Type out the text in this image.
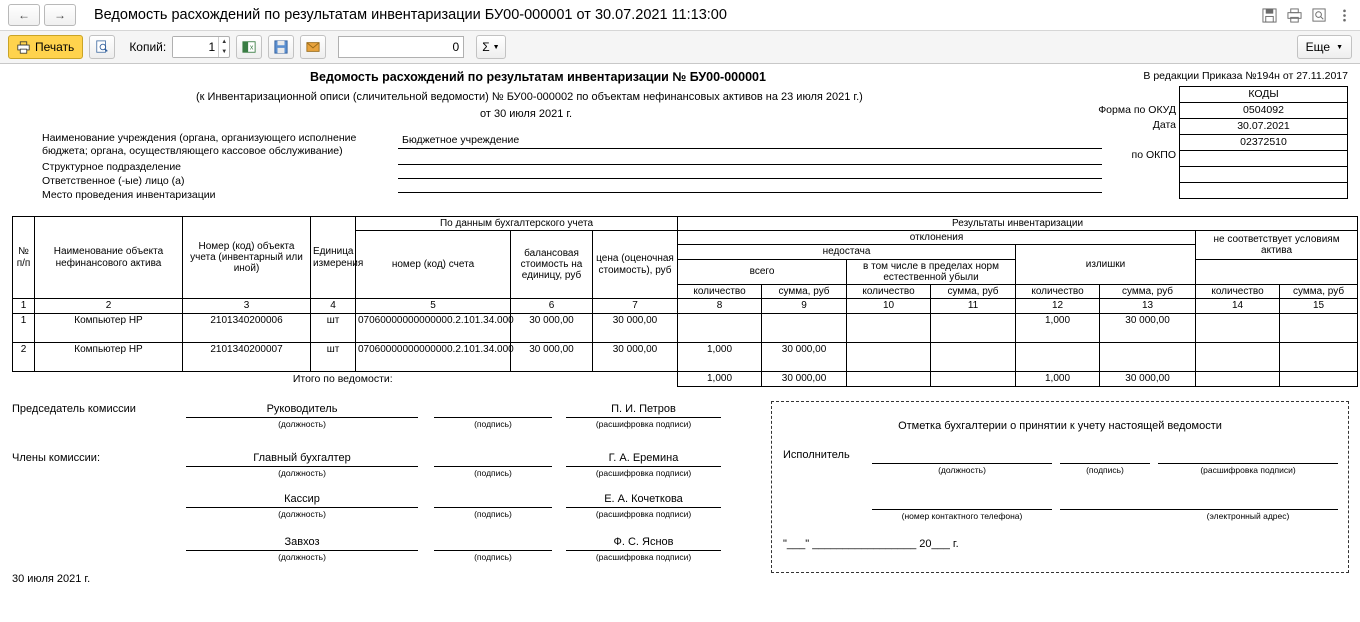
←	→	Ведомость расхождений по результатам инвентаризации БУ00-000001 от 30.07.2021 11:13:00
Печать	Копий:
1	▲
▼
x	0	Σ ▼	Еще ▼
Ведомость расхождений по результатам инвентаризации № БУ00-000001
(к Инвентаризационной описи (сличительной ведомости) № БУ00-000002 по объектам нефинансовых активов на 23 июля 2021 г.)
от 30 июля 2021 г.
В редакции Приказа №194н от 27.11.2017
КОДЫ
0504092
30.07.2021
02372510
Форма по ОКУД
Дата
по ОКПО
Наименование учреждения (органа, организующего исполнение
бюджета; органа, осуществляющего кассовое обслуживание)
Структурное подразделение
Ответственное (-ые) лицо (а)
Место проведения инвентаризации
Бюджетное учреждение
№ п/п	Наименование объекта нефинансового актива	Номер (код) объекта учета (инвентарный или иной)	Единица измерения	По данным бухгалтерского учета			Результаты инвентаризации							
				номер (код) счета	балансовая стоимость на единицу, руб	цена (оценочная стоимость), руб	отклонения						не соответствует условиям актива	
							недостача				излишки			
							всего		в том числе в пределах норм естественной убыли					
							количество	сумма, руб	количество	сумма, руб	количество	сумма, руб	количество	сумма, руб
1	2	3	4	5	6	7	8	9	10	11	12	13	14	15
1	Компьютер НР	2101340200006	шт	07060000000000000.2.101.34.000	30 000,00	30 000,00					1,000	30 000,00		
2	Компьютер НР	2101340200007	шт	07060000000000000.2.101.34.000	30 000,00	30 000,00	1,000	30 000,00						
Итого по ведомости:							1,000	30 000,00			1,000	30 000,00		
Председатель комиссии
Члены комиссии:
Руководитель
(должность)	(подпись)
П. И. Петров
(расшифровка подписи)
Главный бухгалтер
(должность)	(подпись)
Г. А. Еремина
(расшифровка подписи)
Кассир
(должность)	(подпись)
Е. А. Кочеткова
(расшифровка подписи)
Завхоз
(должность)	(подпись)
Ф. С. Яснов
(расшифровка подписи)
Отметка бухгалтерии о принятии к учету настоящей ведомости
Исполнитель
(должность)	(подпись)	(расшифровка подписи)
(номер контактного телефона)	(электронный адрес)
"___" _________________ 20___ г.
30 июля 2021 г.
